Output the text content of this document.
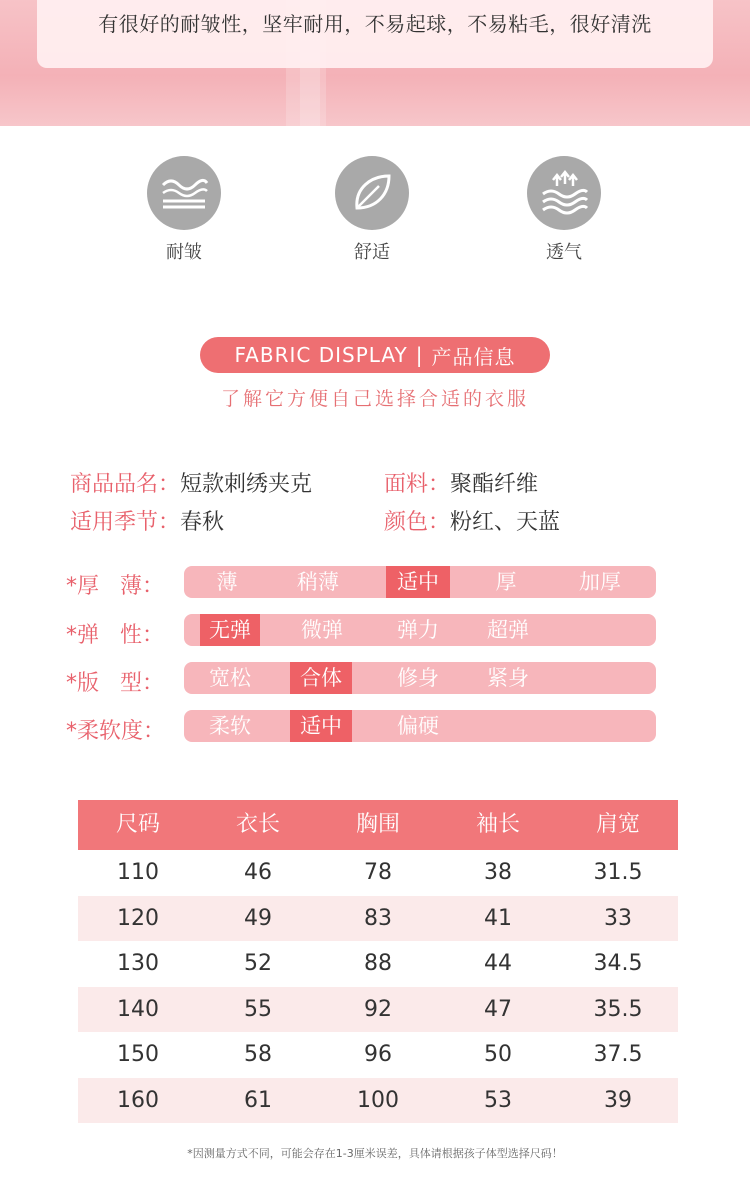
有很好的耐皱性，坚牢耐用，不易起球，不易粘毛，很好清洗
耐皱	舒适	透气
FABRIC DISPLAY | 产品信息
了解它方便自己选择合适的衣服
商品品名：短款刺绣夹克	面料：聚酯纤维
适用季节：春秋	颜色：粉红、天蓝
*厚   薄：	薄	稍薄	适中	厚	加厚
*弹   性：	无弹	微弹	弹力	超弹
*版   型：	宽松	合体	修身	紧身
*柔软度：	柔软	适中	偏硬
尺码	衣长	胸围	袖长	肩宽
110	46	78	38	31.5
120	49	83	41	33
130	52	88	44	34.5
140	55	92	47	35.5
150	58	96	50	37.5
160	61	100	53	39
*因测量方式不同，可能会存在1-3厘米误差，具体请根据孩子体型选择尺码！
